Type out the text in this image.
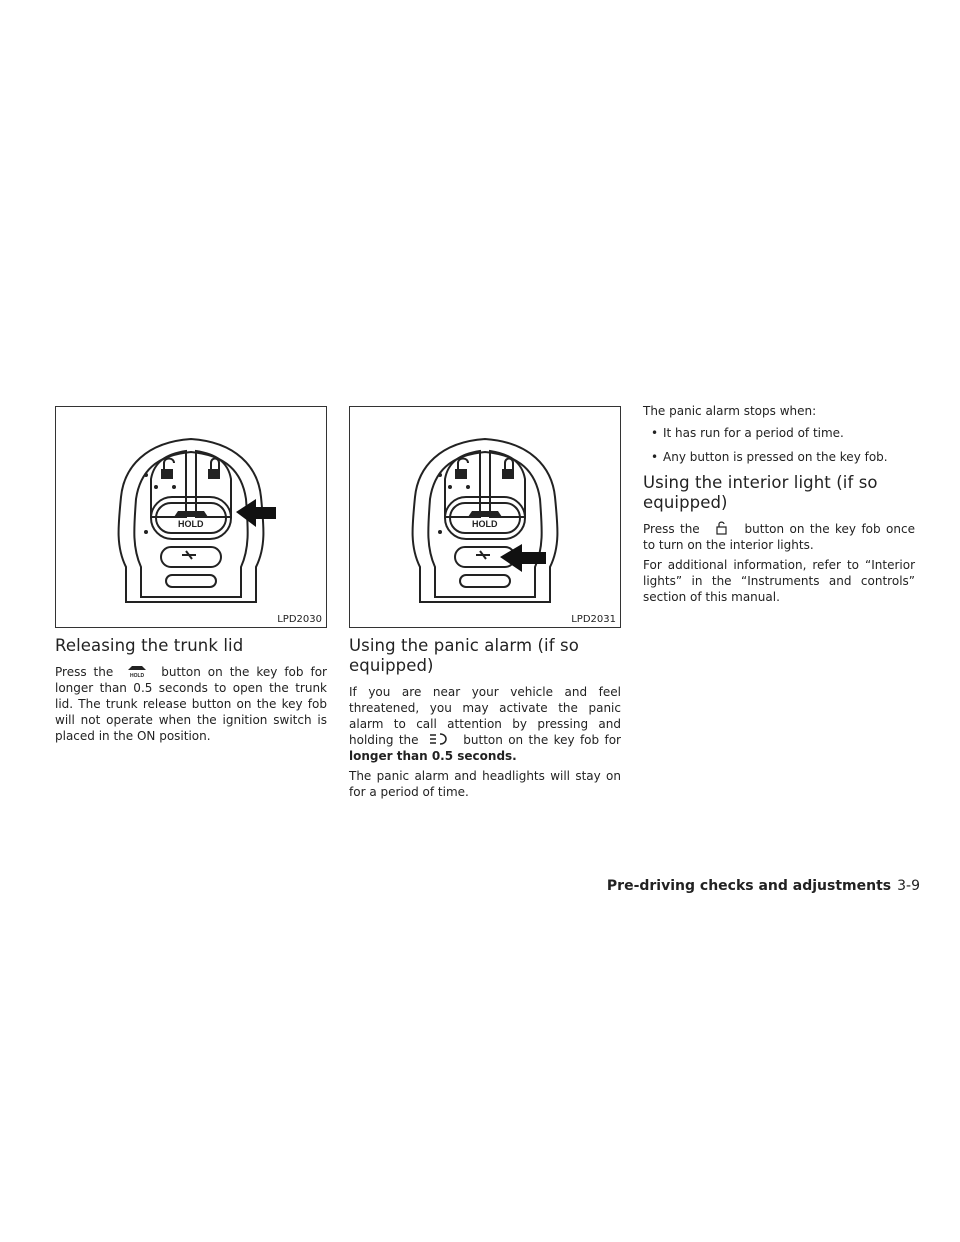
HOLD
LPD2030
HOLD
LPD2031
Releasing the trunk lid

Press the	HOLD button on the key fob for longer than 0.5 seconds to open the trunk lid. The trunk release button on the key fob will not operate when the ignition switch is placed in the ON position.

Using the panic alarm (if so equipped)

If you are near your vehicle and feel threatened, you may activate the panic alarm to call attention by pressing and holding the	button on the key fob for longer than 0.5 seconds.

The panic alarm and headlights will stay on for a period of time.

The panic alarm stops when:

• It has run for a period of time.
• Any button is pressed on the key fob.
Using the interior light (if so equipped)

Press the	button on the key fob once to turn on the interior lights.

For additional information, refer to “Interior lights” in the “Instruments and controls” section of this manual.

Pre-driving checks and adjustments 3-9
